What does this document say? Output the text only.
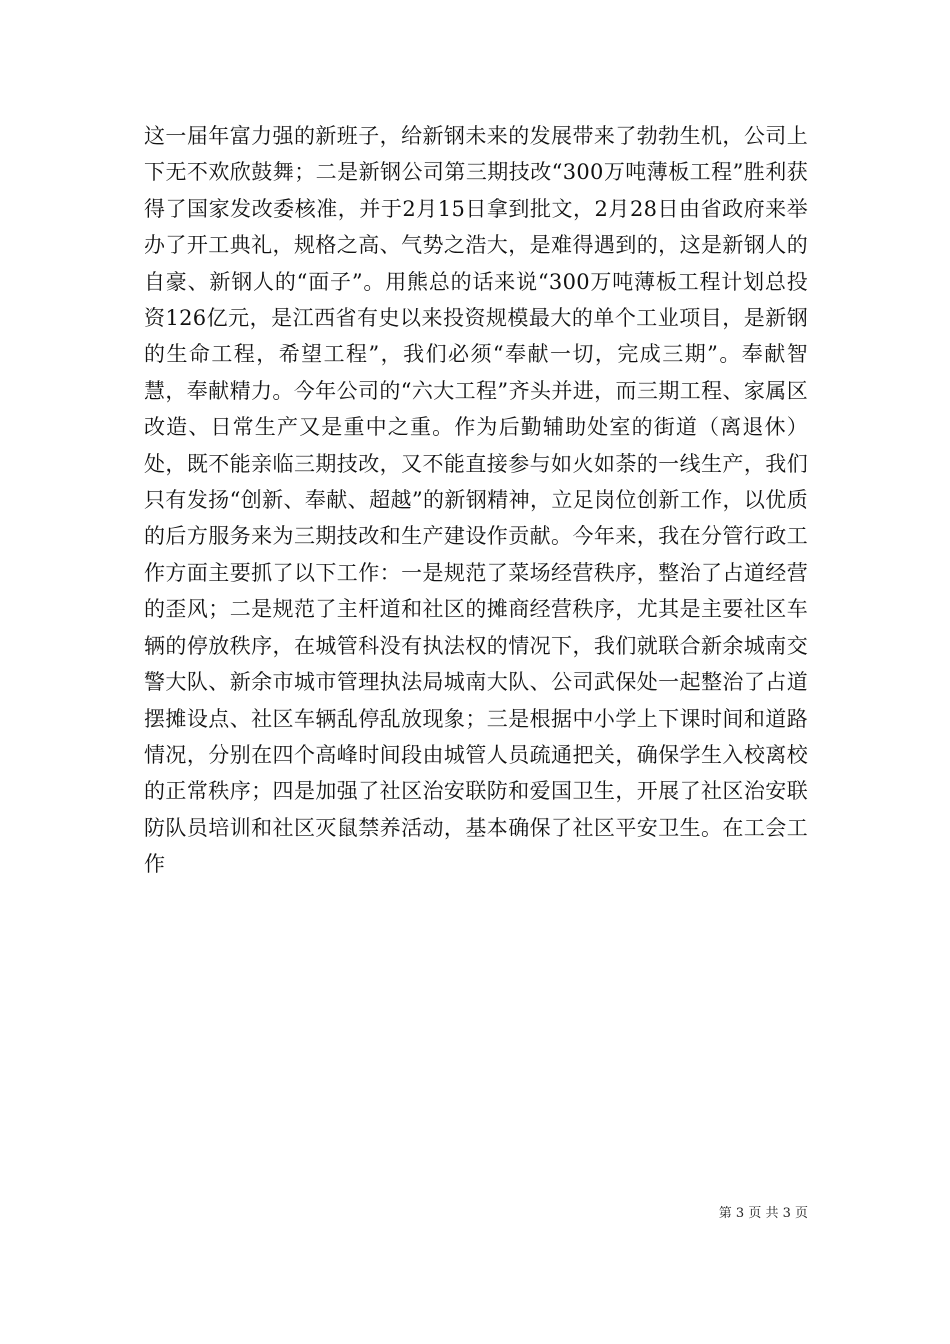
这一届年富力强的新班子，给新钢未来的发展带来了勃勃生机，公司上下无不欢欣鼓舞；二是新钢公司第三期技改“300万吨薄板工程”胜利获得了国家发改委核准，并于2月15日拿到批文，2月28日由省政府来举办了开工典礼，规格之高、气势之浩大，是难得遇到的，这是新钢人的自豪、新钢人的“面子”。用熊总的话来说“300万吨薄板工程计划总投资126亿元，是江西省有史以来投资规模最大的单个工业项目，是新钢的生命工程，希望工程”，我们必须“奉献一切，完成三期”。奉献智慧，奉献精力。今年公司的“六大工程”齐头并进，而三期工程、家属区改造、日常生产又是重中之重。作为后勤辅助处室的街道（离退休）处，既不能亲临三期技改，又不能直接参与如火如荼的一线生产，我们只有发扬“创新、奉献、超越”的新钢精神，立足岗位创新工作，以优质的后方服务来为三期技改和生产建设作贡献。今年来，我在分管行政工作方面主要抓了以下工作：一是规范了菜场经营秩序，整治了占道经营的歪风；二是规范了主杆道和社区的摊商经营秩序，尤其是主要社区车辆的停放秩序，在城管科没有执法权的情况下，我们就联合新余城南交警大队、新余市城市管理执法局城南大队、公司武保处一起整治了占道摆摊设点、社区车辆乱停乱放现象；三是根据中小学上下课时间和道路情况，分别在四个高峰时间段由城管人员疏通把关，确保学生入校离校的正常秩序；四是加强了社区治安联防和爱国卫生，开展了社区治安联防队员培训和社区灭鼠禁养活动，基本确保了社区平安卫生。在工会工作

第 3 页 共 3 页
